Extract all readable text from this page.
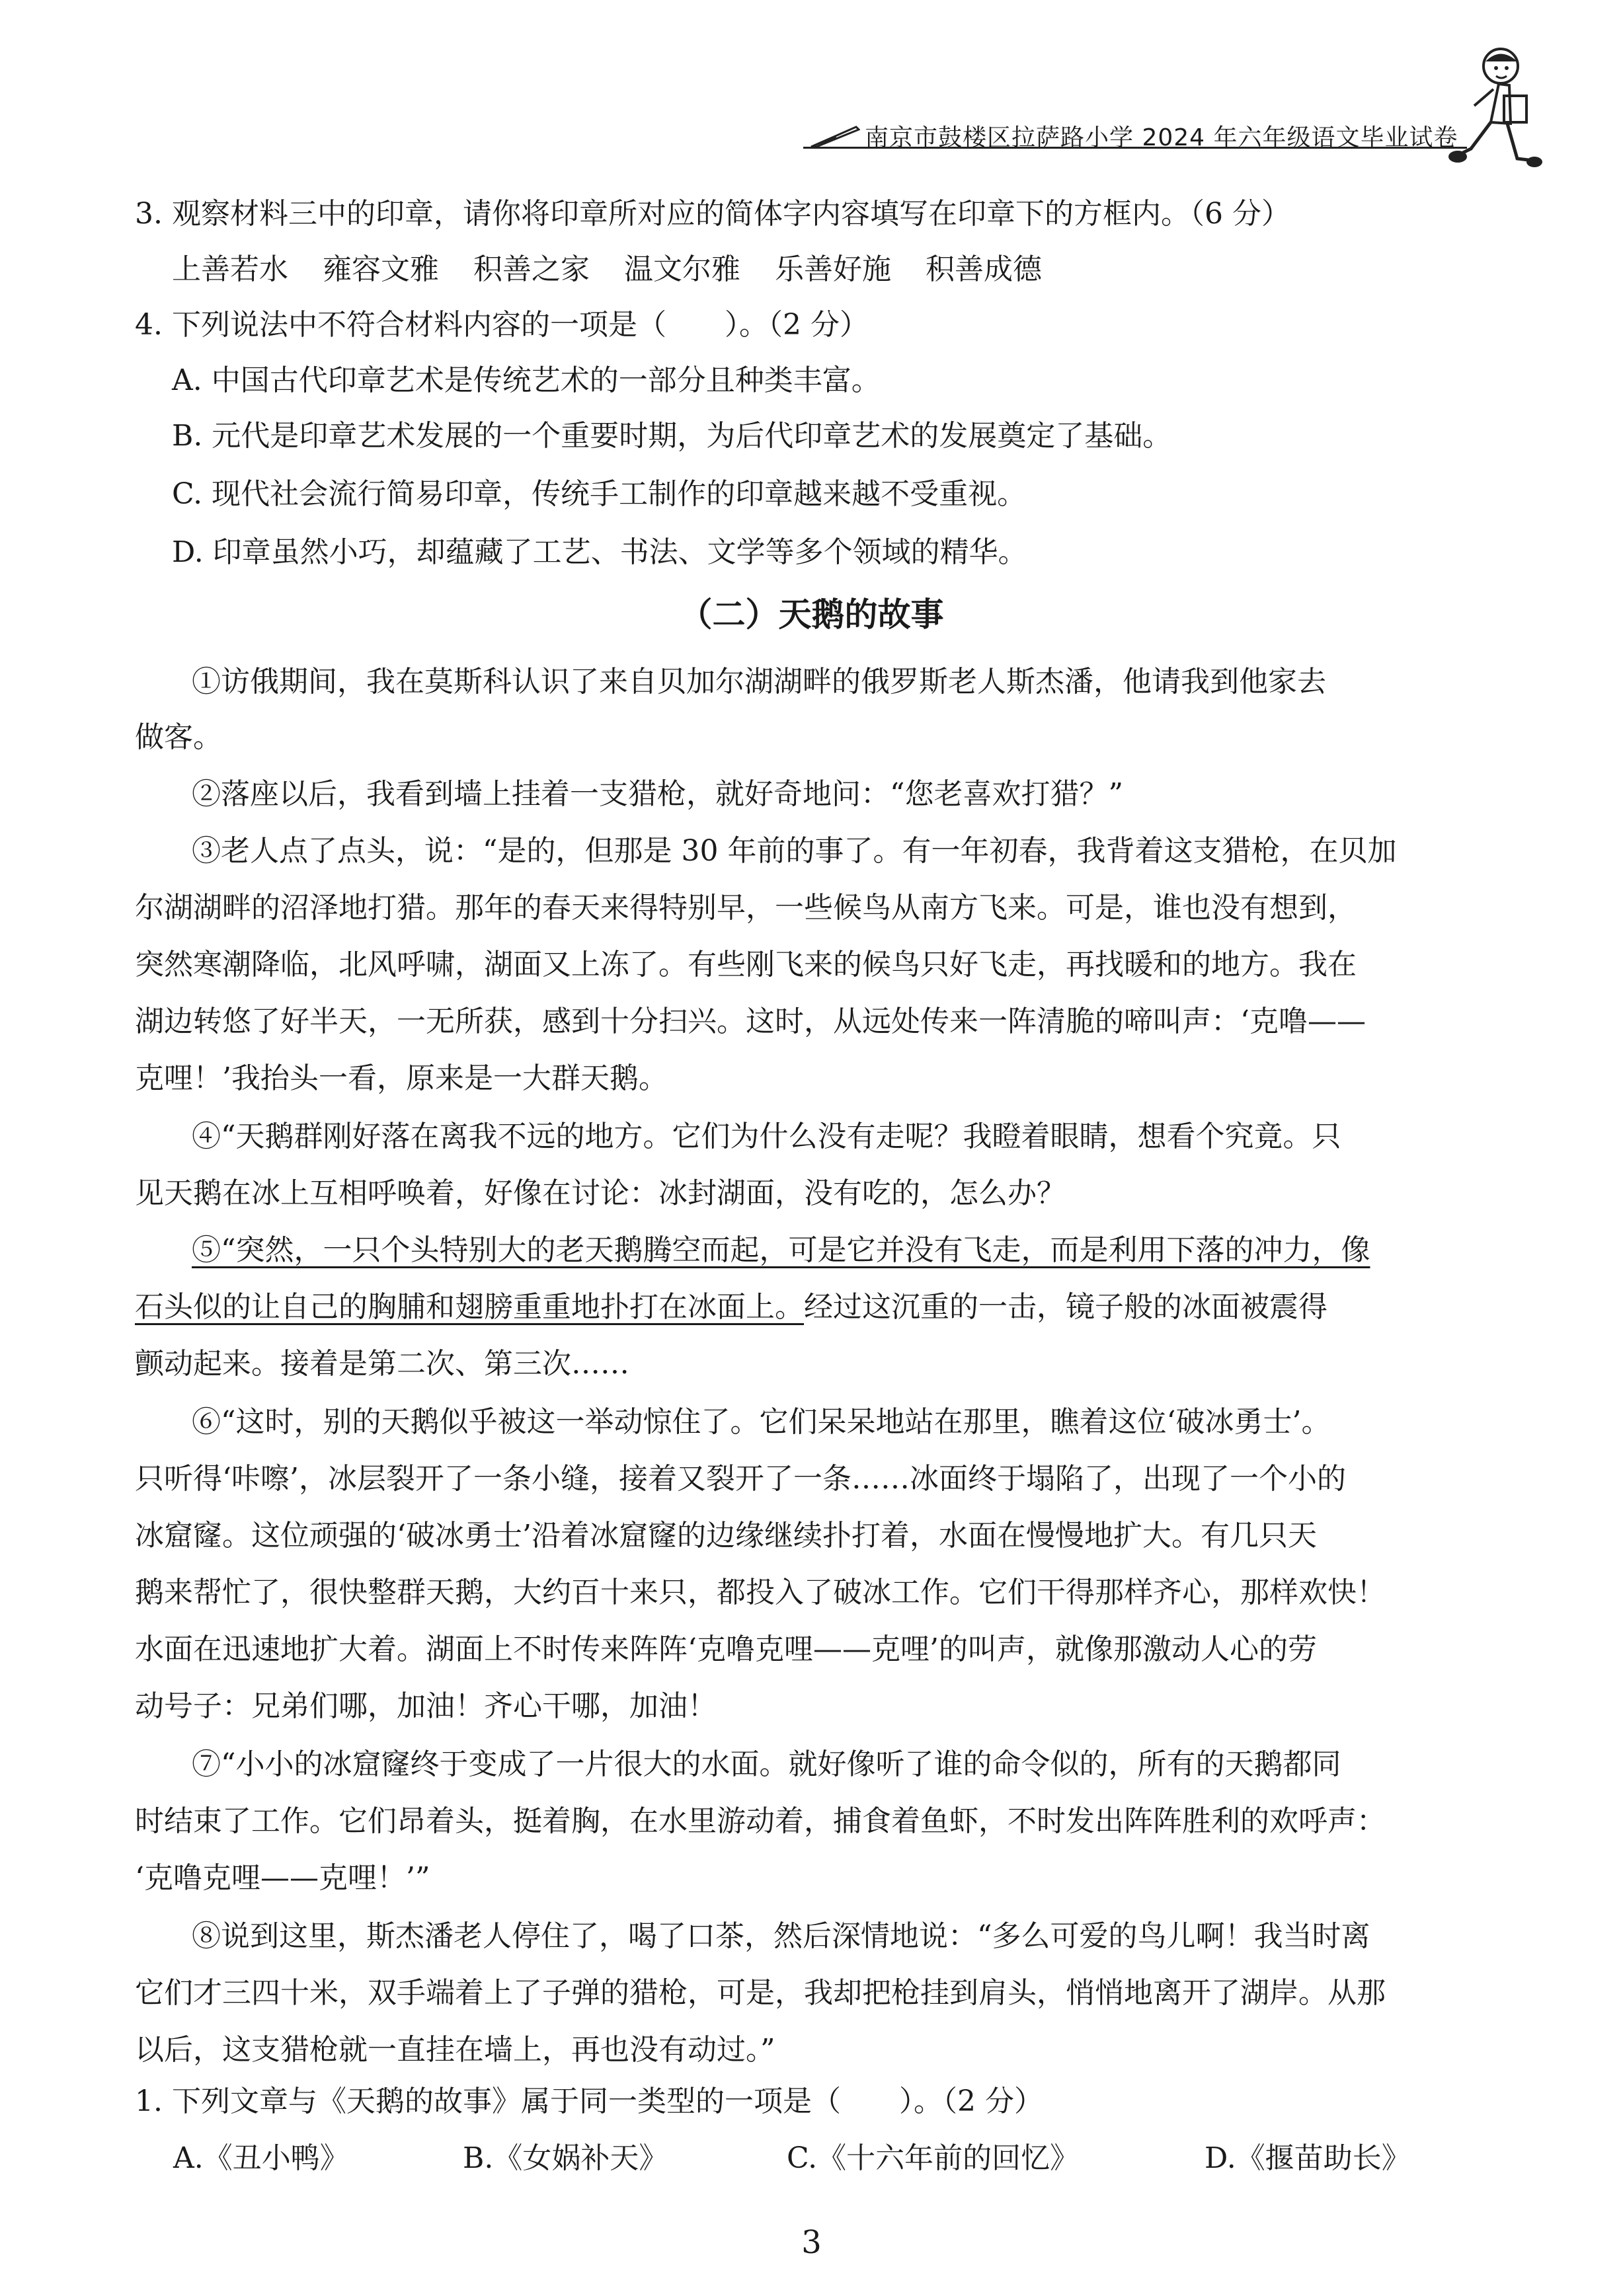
南京市鼓楼区拉萨路小学 2024 年六年级语文毕业试卷
3. 观察材料三中的印章，请你将印章所对应的简体字内容填写在印章下的方框内。（6 分）
上善若水 雍容文雅 积善之家 温文尔雅 乐善好施 积善成德
4. 下列说法中不符合材料内容的一项是（　　）。（2 分）
A. 中国古代印章艺术是传统艺术的一部分且种类丰富。
B. 元代是印章艺术发展的一个重要时期，为后代印章艺术的发展奠定了基础。
C. 现代社会流行简易印章，传统手工制作的印章越来越不受重视。
D. 印章虽然小巧，却蕴藏了工艺、书法、文学等多个领域的精华。
（二）天鹅的故事
①访俄期间，我在莫斯科认识了来自贝加尔湖湖畔的俄罗斯老人斯杰潘，他请我到他家去
做客。
②落座以后，我看到墙上挂着一支猎枪，就好奇地问：“您老喜欢打猎？”
③老人点了点头，说：“是的，但那是 30 年前的事了。有一年初春，我背着这支猎枪，在贝加
尔湖湖畔的沼泽地打猎。那年的春天来得特别早，一些候鸟从南方飞来。可是，谁也没有想到，
突然寒潮降临，北风呼啸，湖面又上冻了。有些刚飞来的候鸟只好飞走，再找暖和的地方。我在
湖边转悠了好半天，一无所获，感到十分扫兴。这时，从远处传来一阵清脆的啼叫声：‘克噜——
克哩！’我抬头一看，原来是一大群天鹅。
④“天鹅群刚好落在离我不远的地方。它们为什么没有走呢？我瞪着眼睛，想看个究竟。只
见天鹅在冰上互相呼唤着，好像在讨论：冰封湖面，没有吃的，怎么办？
⑤“突然，一只个头特别大的老天鹅腾空而起，可是它并没有飞走，而是利用下落的冲力，像
石头似的让自己的胸脯和翅膀重重地扑打在冰面上。经过这沉重的一击，镜子般的冰面被震得
颤动起来。接着是第二次、第三次……
⑥“这时，别的天鹅似乎被这一举动惊住了。它们呆呆地站在那里，瞧着这位‘破冰勇士’。
只听得‘咔嚓’，冰层裂开了一条小缝，接着又裂开了一条……冰面终于塌陷了，出现了一个小的
冰窟窿。这位顽强的‘破冰勇士’沿着冰窟窿的边缘继续扑打着，水面在慢慢地扩大。有几只天
鹅来帮忙了，很快整群天鹅，大约百十来只，都投入了破冰工作。它们干得那样齐心，那样欢快！
水面在迅速地扩大着。湖面上不时传来阵阵‘克噜克哩——克哩’的叫声，就像那激动人心的劳
动号子：兄弟们哪，加油！齐心干哪，加油！
⑦“小小的冰窟窿终于变成了一片很大的水面。就好像听了谁的命令似的，所有的天鹅都同
时结束了工作。它们昂着头，挺着胸，在水里游动着，捕食着鱼虾，不时发出阵阵胜利的欢呼声：
‘克噜克哩——克哩！’”
⑧说到这里，斯杰潘老人停住了，喝了口茶，然后深情地说：“多么可爱的鸟儿啊！我当时离
它们才三四十米，双手端着上了子弹的猎枪，可是，我却把枪挂到肩头，悄悄地离开了湖岸。从那
以后，这支猎枪就一直挂在墙上，再也没有动过。”
1. 下列文章与《天鹅的故事》属于同一类型的一项是（　　）。（2 分）
A.《丑小鸭》	B.《女娲补天》	C.《十六年前的回忆》	D.《揠苗助长》
3
